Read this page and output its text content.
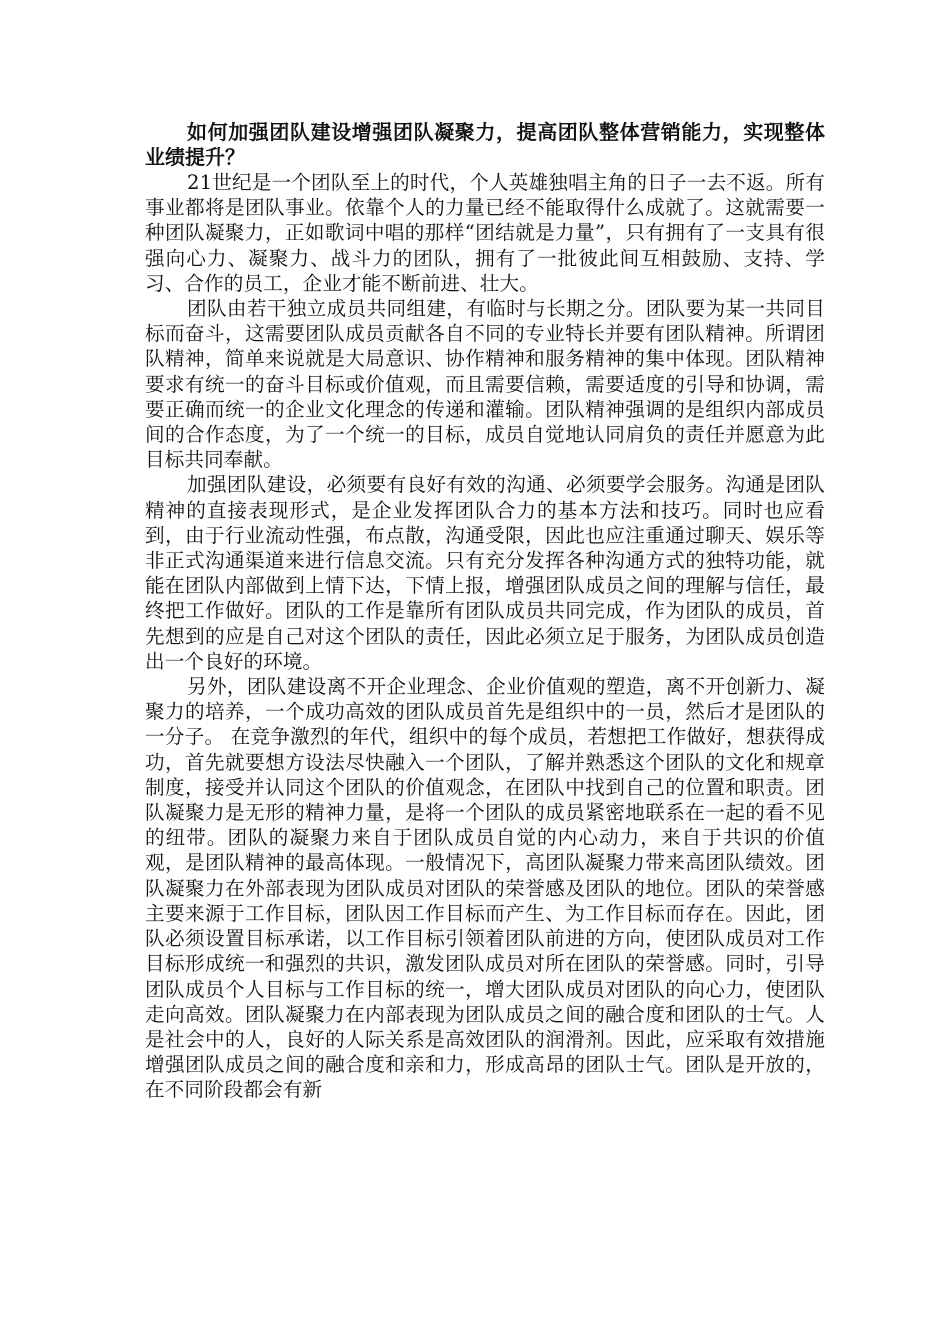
如何加强团队建设增强团队凝聚力，提高团队整体营销能力，实现整体业绩提升？

21世纪是一个团队至上的时代，个人英雄独唱主角的日子一去不返。所有事业都将是团队事业。依靠个人的力量已经不能取得什么成就了。这就需要一种团队凝聚力，正如歌词中唱的那样“团结就是力量”，只有拥有了一支具有很强向心力、凝聚力、战斗力的团队，拥有了一批彼此间互相鼓励、支持、学习、合作的员工，企业才能不断前进、壮大。

团队由若干独立成员共同组建，有临时与长期之分。团队要为某一共同目标而奋斗，这需要团队成员贡献各自不同的专业特长并要有团队精神。所谓团队精神，简单来说就是大局意识、协作精神和服务精神的集中体现。团队精神要求有统一的奋斗目标或价值观，而且需要信赖，需要适度的引导和协调，需要正确而统一的企业文化理念的传递和灌输。团队精神强调的是组织内部成员间的合作态度，为了一个统一的目标，成员自觉地认同肩负的责任并愿意为此目标共同奉献。

加强团队建设，必须要有良好有效的沟通、必须要学会服务。沟通是团队精神的直接表现形式，是企业发挥团队合力的基本方法和技巧。同时也应看到，由于行业流动性强，布点散，沟通受限，因此也应注重通过聊天、娱乐等非正式沟通渠道来进行信息交流。只有充分发挥各种沟通方式的独特功能，就能在团队内部做到上情下达，下情上报，增强团队成员之间的理解与信任，最终把工作做好。团队的工作是靠所有团队成员共同完成，作为团队的成员，首先想到的应是自己对这个团队的责任，因此必须立足于服务，为团队成员创造出一个良好的环境。

另外，团队建设离不开企业理念、企业价值观的塑造，离不开创新力、凝聚力的培养，一个成功高效的团队成员首先是组织中的一员，然后才是团队的一分子。 在竞争激烈的年代，组织中的每个成员，若想把工作做好，想获得成功，首先就要想方设法尽快融入一个团队，了解并熟悉这个团队的文化和规章制度，接受并认同这个团队的价值观念，在团队中找到自己的位置和职责。团队凝聚力是无形的精神力量，是将一个团队的成员紧密地联系在一起的看不见的纽带。团队的凝聚力来自于团队成员自觉的内心动力，来自于共识的价值观，是团队精神的最高体现。一般情况下，高团队凝聚力带来高团队绩效。团队凝聚力在外部表现为团队成员对团队的荣誉感及团队的地位。团队的荣誉感主要来源于工作目标，团队因工作目标而产生、为工作目标而存在。因此，团队必须设置目标承诺，以工作目标引领着团队前进的方向，使团队成员对工作目标形成统一和强烈的共识，激发团队成员对所在团队的荣誉感。同时，引导团队成员个人目标与工作目标的统一，增大团队成员对团队的向心力，使团队走向高效。团队凝聚力在内部表现为团队成员之间的融合度和团队的士气。人是社会中的人，良好的人际关系是高效团队的润滑剂。因此，应采取有效措施增强团队成员之间的融合度和亲和力，形成高昂的团队士气。团队是开放的，在不同阶段都会有新
